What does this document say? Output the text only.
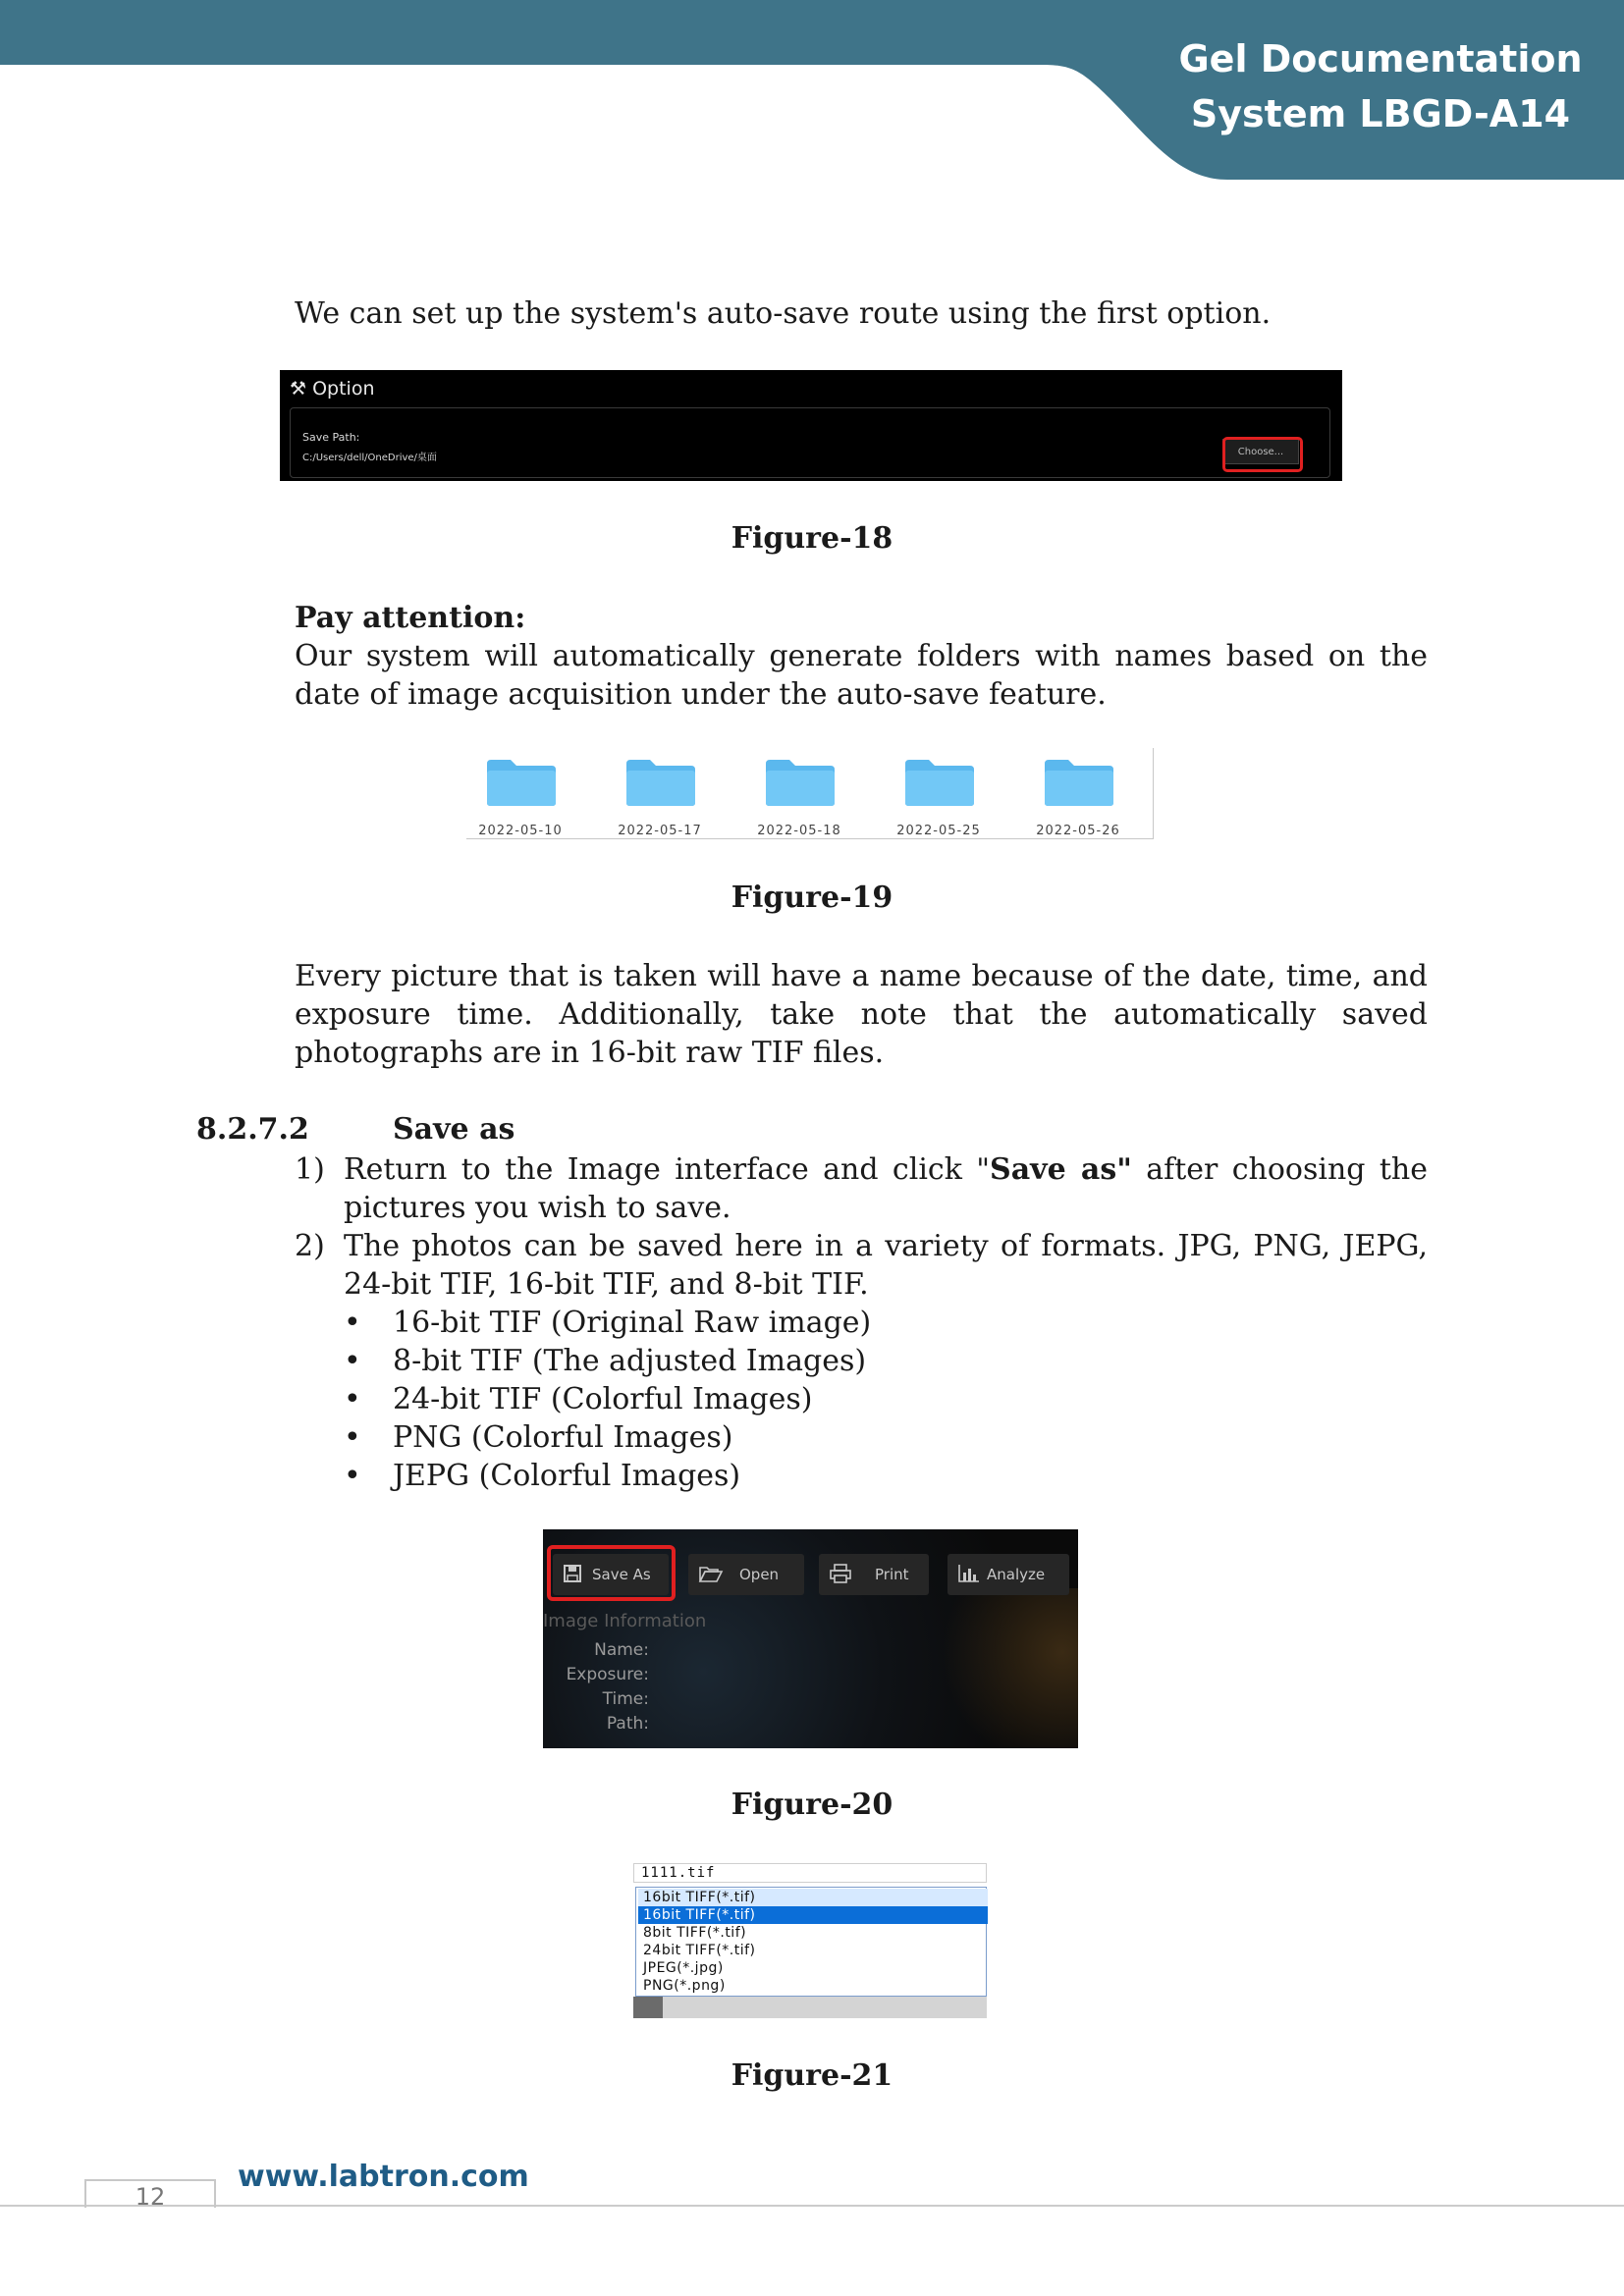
Gel Documentation
System LBGD-A14
We can set up the system's auto-save route using the first option.
⚒ Option
Save Path:
C:/Users/dell/OneDrive/桌面
Choose...
Figure-18
Pay attention:
Our system will automatically generate folders with names based on the date of image acquisition under the auto-save feature.
2022-05-10	2022-05-17	2022-05-18	2022-05-25	2022-05-26
Figure-19
Every picture that is taken will have a name because of the date, time, and exposure time. Additionally, take note that the automatically saved photographs are in 16-bit raw TIF files.
8.2.7.2	Save as
1) Return to the Image interface and click "Save as" after choosing the pictures you wish to save.
2) The photos can be saved here in a variety of formats. JPG, PNG, JEPG, 24-bit TIF, 16-bit TIF, and 8-bit TIF.
• 16-bit TIF (Original Raw image)
• 8-bit TIF (The adjusted Images)
• 24-bit TIF (Colorful Images)
• PNG (Colorful Images)
• JEPG (Colorful Images)
Save As	Open	Print	Analyze
Image Information
Name:
Exposure:
Time:
Path:
Figure-20
1111.tif
16bit TIFF(*.tif)
16bit TIFF(*.tif)
8bit TIFF(*.tif)
24bit TIFF(*.tif)
JPEG(*.jpg)
PNG(*.png)
Figure-21
12
www.labtron.com
